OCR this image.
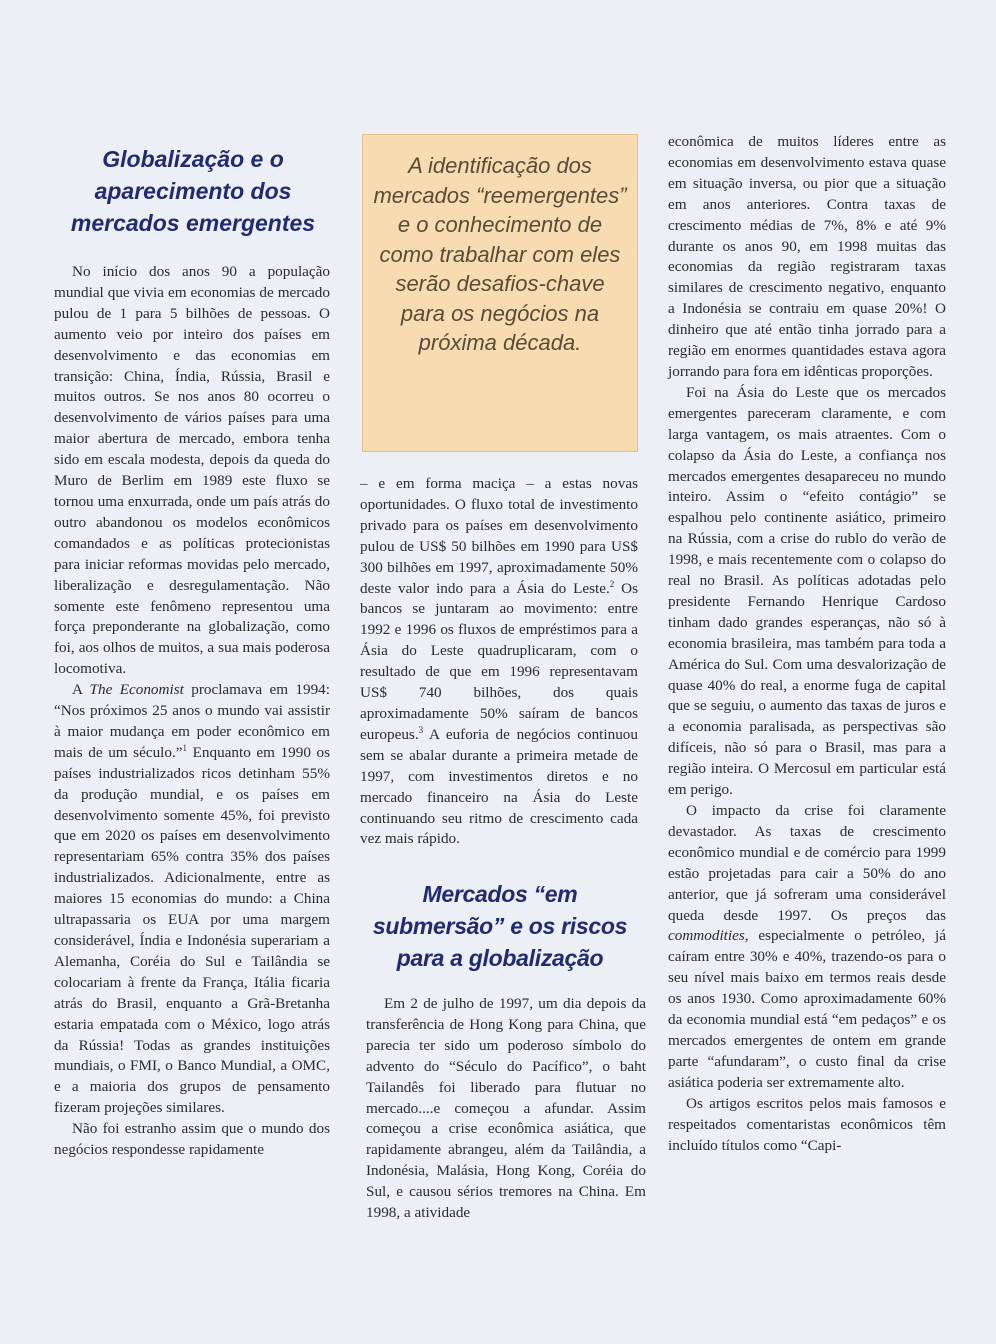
Globalização e o aparecimento dos mercados emergentes
A identificação dos mercados “reemergentes” e o conhecimento de como trabalhar com eles serão desafios-chave para os negócios na próxima década.

No início dos anos 90 a população mundial que vivia em economias de mercado pulou de 1 para 5 bilhões de pessoas. O aumento veio por inteiro dos países em desenvolvimento e das economias em transição: China, Índia, Rússia, Brasil e muitos outros. Se nos anos 80 ocorreu o desenvolvimento de vários países para uma maior abertura de mercado, embora tenha sido em escala modesta, depois da queda do Muro de Berlim em 1989 este fluxo se tornou uma enxurrada, onde um país atrás do outro abandonou os modelos econômicos comandados e as políticas protecionistas para iniciar reformas movidas pelo mercado, liberalização e desregulamentação. Não somente este fenômeno representou uma força preponderante na globalização, como foi, aos olhos de muitos, a sua mais poderosa locomotiva.

A The Economist proclamava em 1994: “Nos próximos 25 anos o mundo vai assistir à maior mudança em poder econômico em mais de um século.”$^1$ Enquanto em 1990 os países industrializados ricos detinham 55% da produção mundial, e os países em desenvolvimento somente 45%, foi previsto que em 2020 os países em desenvolvimento representariam 65% contra 35% dos países industrializados. Adicionalmente, entre as maiores 15 economias do mundo: a China ultrapassaria os EUA por uma margem considerável, Índia e Indonésia superariam a Alemanha, Coréia do Sul e Tailândia se colocariam à frente da França, Itália ficaria atrás do Brasil, enquanto a Grã-Bretanha estaria empatada com o México, logo atrás da Rússia! Todas as grandes instituições mundiais, o FMI, o Banco Mundial, a OMC, e a maioria dos grupos de pensamento fizeram projeções similares.

Não foi estranho assim que o mundo dos negócios respondesse rapidamente

– e em forma maciça – a estas novas oportunidades. O fluxo total de investimento privado para os países em desenvolvimento pulou de US$ 50 bilhões em 1990 para US$ 300 bilhões em 1997, aproximadamente 50% deste valor indo para a Ásia do Leste.$^2$ Os bancos se juntaram ao movimento: entre 1992 e 1996 os fluxos de empréstimos para a Ásia do Leste quadruplicaram, com o resultado de que em 1996 representavam US$ 740 bilhões, dos quais aproximadamente 50% saíram de bancos europeus.$^3$ A euforia de negócios continuou sem se abalar durante a primeira metade de 1997, com investimentos diretos e no mercado financeiro na Ásia do Leste continuando seu ritmo de crescimento cada vez mais rápido.

Mercados “em submersão” e os riscos para a globalização

Em 2 de julho de 1997, um dia depois da transferência de Hong Kong para China, que parecia ter sido um poderoso símbolo do advento do “Século do Pacífico”, o baht Tailandês foi liberado para flutuar no mercado....e começou a afundar. Assim começou a crise econômica asiática, que rapidamente abrangeu, além da Tailândia, a Indonésia, Malásia, Hong Kong, Coréia do Sul, e causou sérios tremores na China. Em 1998, a atividade

econômica de muitos líderes entre as economias em desenvolvimento estava quase em situação inversa, ou pior que a situação em anos anteriores. Contra taxas de crescimento médias de 7%, 8% e até 9% durante os anos 90, em 1998 muitas das economias da região registraram taxas similares de crescimento negativo, enquanto a Indonésia se contraiu em quase 20%! O dinheiro que até então tinha jorrado para a região em enormes quantidades estava agora jorrando para fora em idênticas proporções.

Foi na Ásia do Leste que os mercados emergentes pareceram claramente, e com larga vantagem, os mais atraentes. Com o colapso da Ásia do Leste, a confiança nos mercados emergentes desapareceu no mundo inteiro. Assim o “efeito contágio” se espalhou pelo continente asiático, primeiro na Rússia, com a crise do rublo do verão de 1998, e mais recentemente com o colapso do real no Brasil. As políticas adotadas pelo presidente Fernando Henrique Cardoso tinham dado grandes esperanças, não só à economia brasileira, mas também para toda a América do Sul. Com uma desvalorização de quase 40% do real, a enorme fuga de capital que se seguiu, o aumento das taxas de juros e a economia paralisada, as perspectivas são difíceis, não só para o Brasil, mas para a região inteira. O Mercosul em particular está em perigo.

O impacto da crise foi claramente devastador. As taxas de crescimento econômico mundial e de comércio para 1999 estão projetadas para cair a 50% do ano anterior, que já sofreram uma considerável queda desde 1997. Os preços das commodities, especialmente o petróleo, já caíram entre 30% e 40%, trazendo-os para o seu nível mais baixo em termos reais desde os anos 1930. Como aproximadamente 60% da economia mundial está “em pedaços” e os mercados emergentes de ontem em grande parte “afundaram”, o custo final da crise asiática poderia ser extremamente alto.

Os artigos escritos pelos mais famosos e respeitados comentaristas econômicos têm incluído títulos como “Capi-
